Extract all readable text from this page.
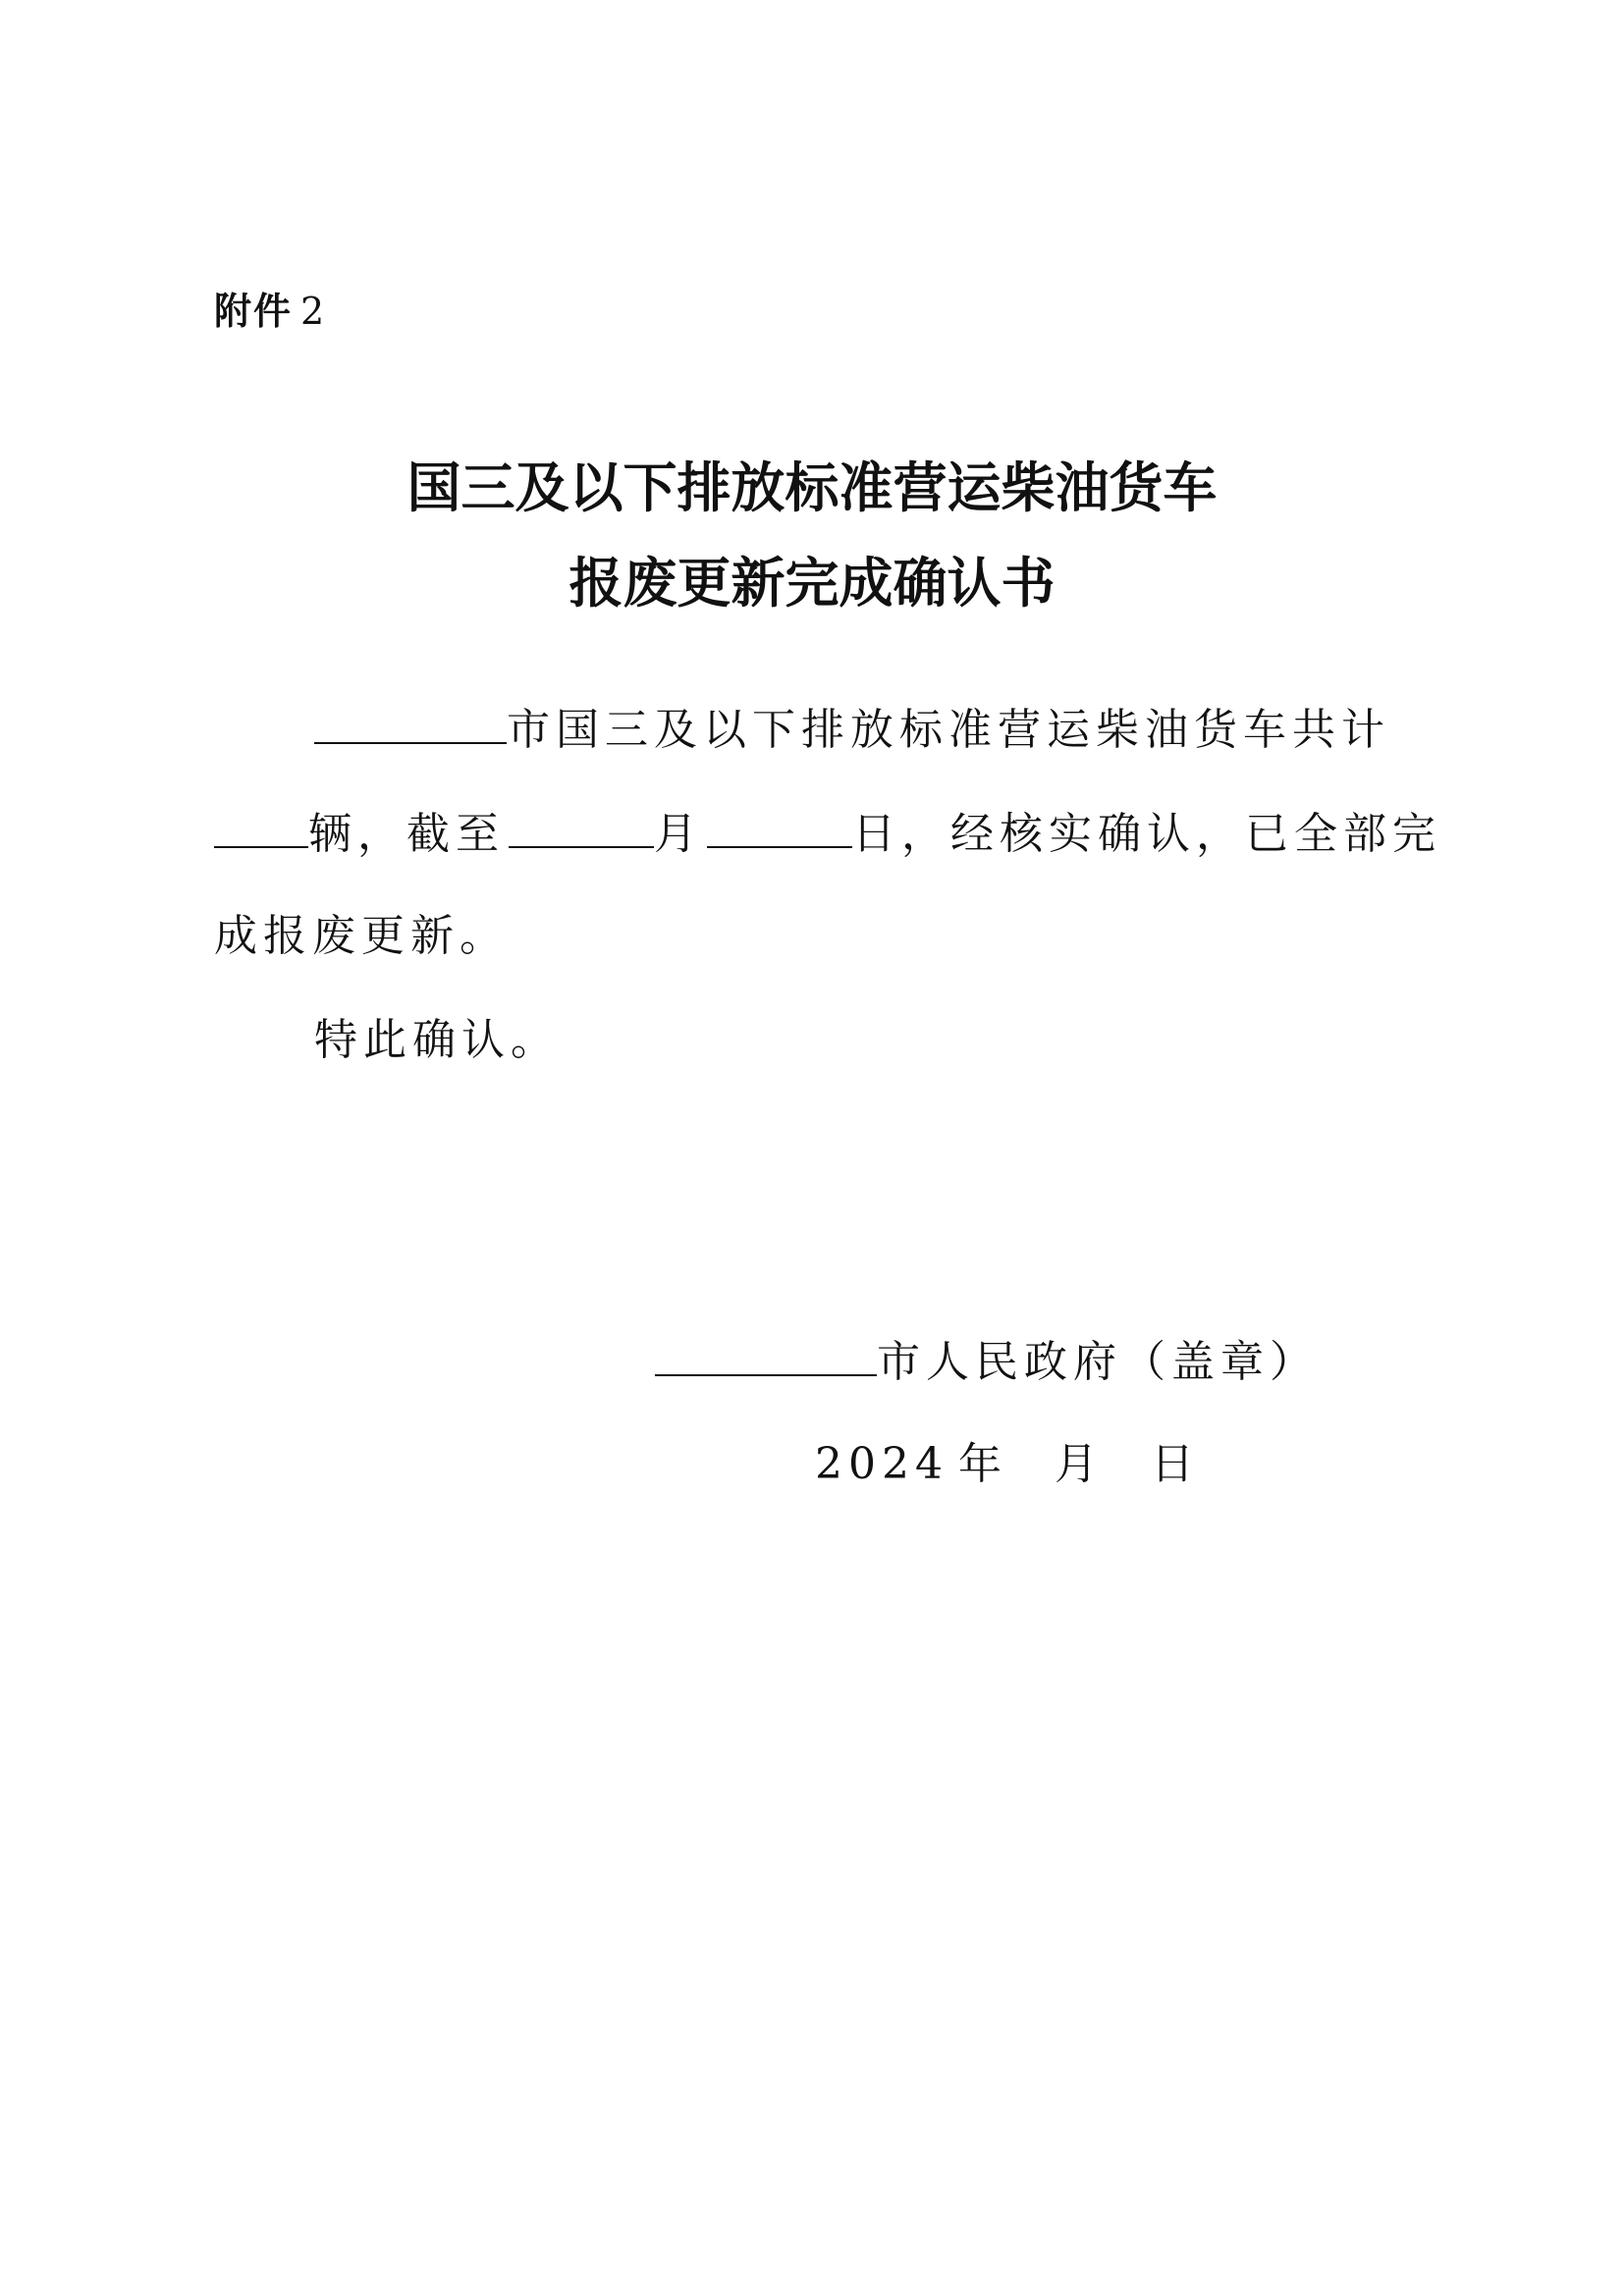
附件 2
国三及以下排放标准营运柴油货车
报废更新完成确认书
市国三及以下排放标准营运柴油货车共计
辆，截至	月	日，经核实确认，已全部完
成报废更新。
特此确认。
市人民政府（盖章）
2024 年 月 日
